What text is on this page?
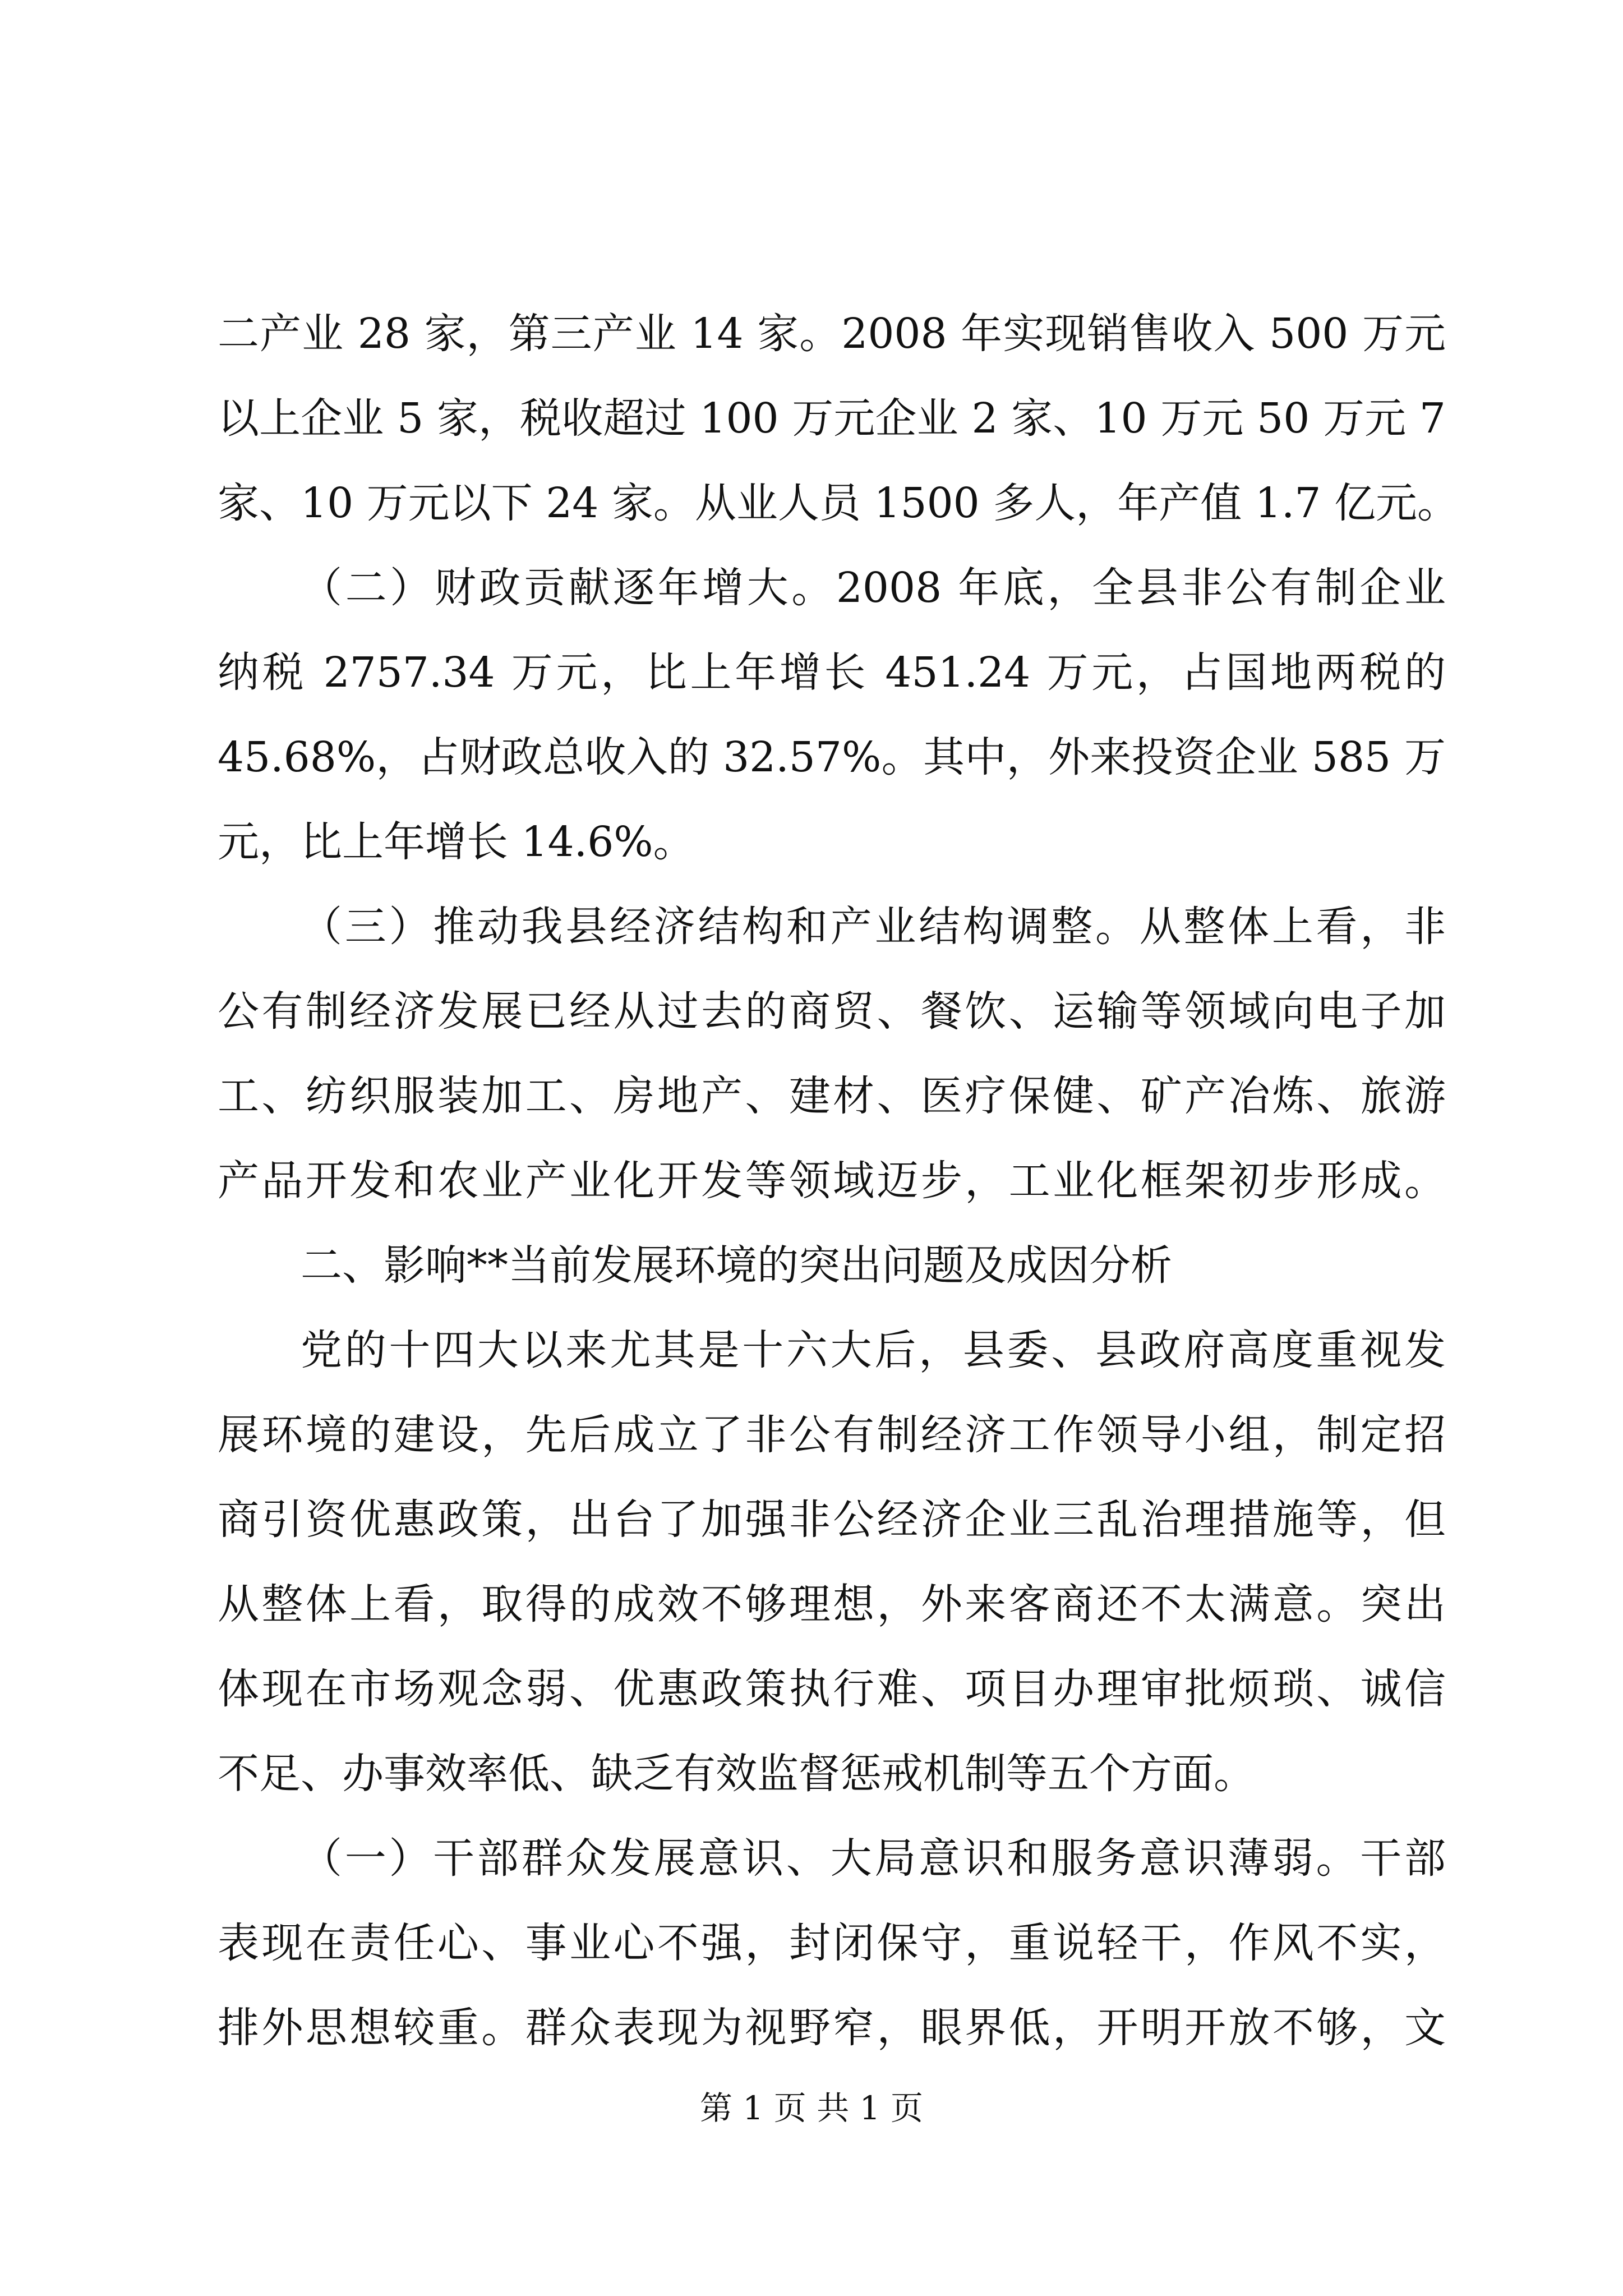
二产业 28 家，第三产业 14 家。2008 年实现销售收入 500 万元
以上企业 5 家，税收超过 100 万元企业 2 家、10 万元 50 万元 7
家、10 万元以下 24 家。从业人员 1500 多人，年产值 1.7 亿元。
（二）财政贡献逐年增大。2008 年底，全县非公有制企业
纳税 2757.34 万元，比上年增长 451.24 万元，占国地两税的
45.68%，占财政总收入的 32.57%。其中，外来投资企业 585 万
元，比上年增长 14.6%。
（三）推动我县经济结构和产业结构调整。从整体上看，非
公有制经济发展已经从过去的商贸、餐饮、运输等领域向电子加
工、纺织服装加工、房地产、建材、医疗保健、矿产冶炼、旅游
产品开发和农业产业化开发等领域迈步，工业化框架初步形成。
二、影响**当前发展环境的突出问题及成因分析
党的十四大以来尤其是十六大后，县委、县政府高度重视发
展环境的建设，先后成立了非公有制经济工作领导小组，制定招
商引资优惠政策，出台了加强非公经济企业三乱治理措施等，但
从整体上看，取得的成效不够理想，外来客商还不太满意。突出
体现在市场观念弱、优惠政策执行难、项目办理审批烦琐、诚信
不足、办事效率低、缺乏有效监督惩戒机制等五个方面。
（一）干部群众发展意识、大局意识和服务意识薄弱。干部
表现在责任心、事业心不强，封闭保守，重说轻干，作风不实，
排外思想较重。群众表现为视野窄，眼界低，开明开放不够，文
第 1 页 共 1 页
